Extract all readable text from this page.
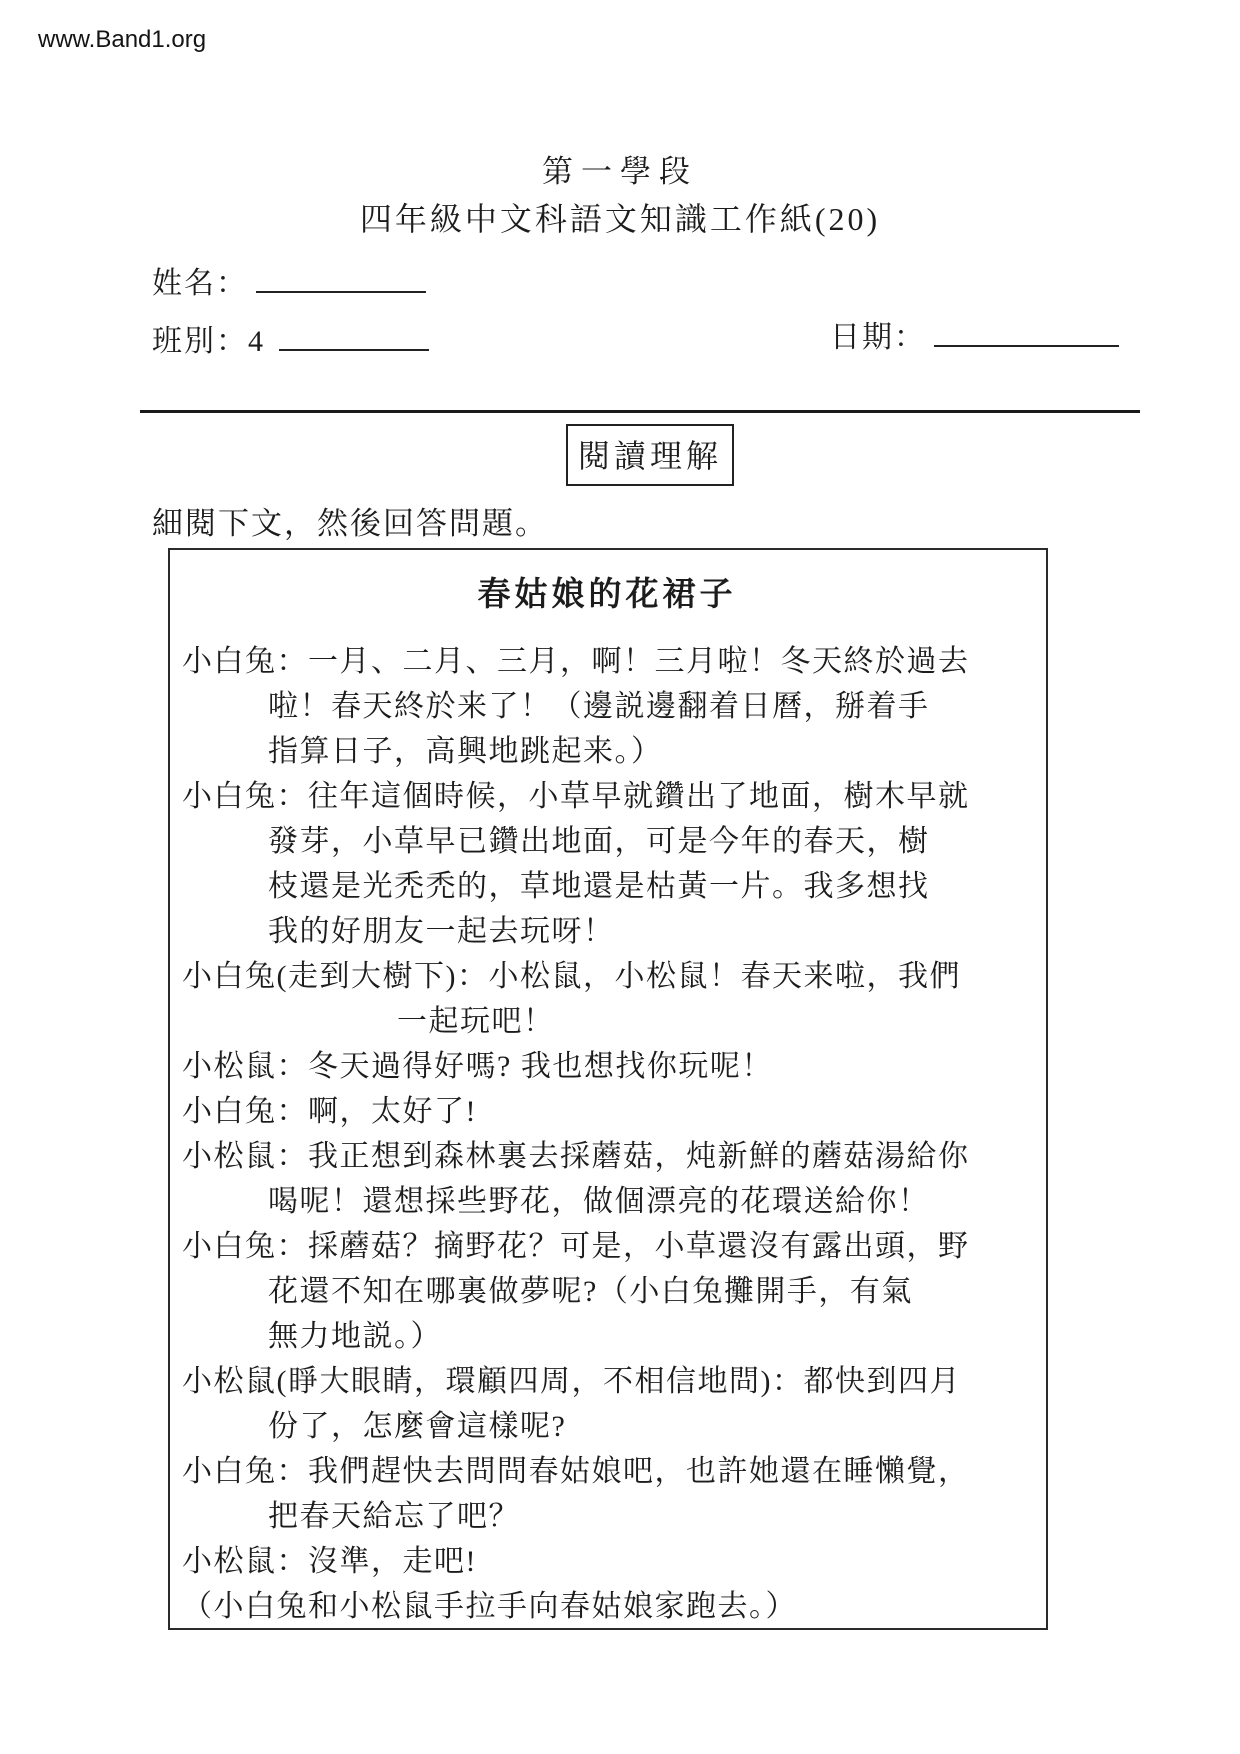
www.Band1.org
第一學段
四年級中文科語文知識工作紙(20)
姓名：
班別：4	日期：
閱讀理解
細閱下文，然後回答問題。
春姑娘的花裙子
小白兔：一月、二月、三月，啊！三月啦！冬天終於過去
啦！春天終於来了！（邊説邊翻着日曆，掰着手
指算日子，高興地跳起来。）
小白兔：往年這個時候，小草早就鑽出了地面，樹木早就
發芽，小草早已鑽出地面，可是今年的春天，樹
枝還是光禿禿的，草地還是枯黃一片。我多想找
我的好朋友一起去玩呀！
小白兔(走到大樹下)：小松鼠，小松鼠！春天来啦，我們
一起玩吧！
小松鼠：冬天過得好嗎? 我也想找你玩呢！
小白兔：啊，太好了!
小松鼠：我正想到森林裏去採蘑菇，炖新鮮的蘑菇湯給你
喝呢！還想採些野花，做個漂亮的花環送給你！
小白兔：採蘑菇？摘野花？可是，小草還沒有露出頭，野
花還不知在哪裏做夢呢?（小白兔攤開手，有氣
無力地説。）
小松鼠(睜大眼睛，環顧四周，不相信地問)：都快到四月
份了，怎麼會這樣呢?
小白兔：我們趕快去問問春姑娘吧，也許她還在睡懶覺，
把春天給忘了吧？
小松鼠：沒準，走吧!
（小白兔和小松鼠手拉手向春姑娘家跑去。）
